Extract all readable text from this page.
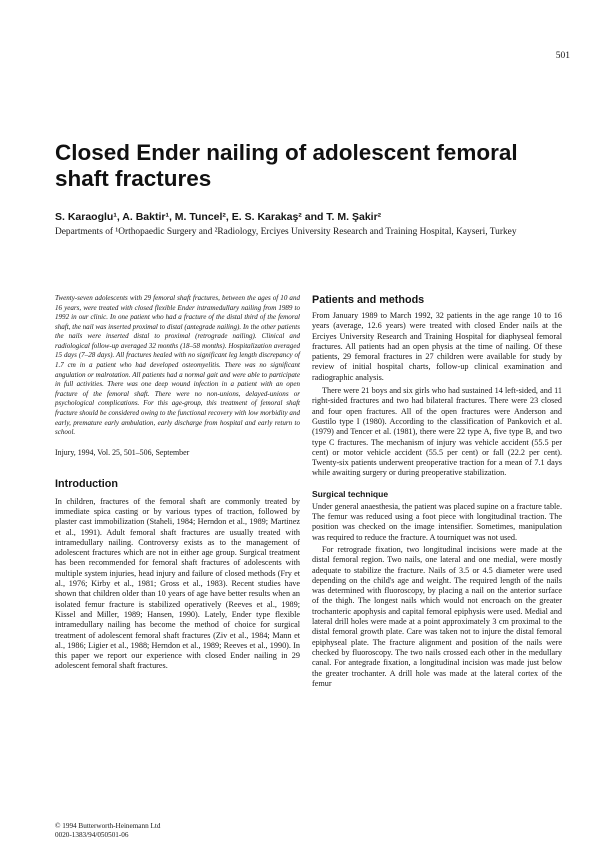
501
Closed Ender nailing of adolescent femoral shaft fractures
S. Karaoglu¹, A. Baktir¹, M. Tuncel², E. S. Karakaş² and T. M. Şakir²
Departments of ¹Orthopaedic Surgery and ²Radiology, Erciyes University Research and Training Hospital, Kayseri, Turkey

Twenty-seven adolescents with 29 femoral shaft fractures, between the ages of 10 and 16 years, were treated with closed flexible Ender intramedullary nailing from 1989 to 1992 in our clinic. In one patient who had a fracture of the distal third of the femoral shaft, the nail was inserted proximal to distal (antegrade nailing). In the other patients the nails were inserted distal to proximal (retrograde nailing). Clinical and radiological follow-up averaged 32 months (18–58 months). Hospitalization averaged 15 days (7–28 days). All fractures healed with no significant leg length discrepancy of 1.7 cm in a patient who had developed osteomyelitis. There was no significant angulation or malrotation. All patients had a normal gait and were able to participate in full activities. There was one deep wound infection in a patient with an open fracture of the femoral shaft. There were no non-unions, delayed-unions or psychological complications. For this age-group, this treatment of femoral shaft fracture should be considered owing to the functional recovery with low morbidity and early, premature early ambulation, early discharge from hospital and early return to school.

Injury, 1994, Vol. 25, 501–506, September

Introduction

In children, fractures of the femoral shaft are commonly treated by immediate spica casting or by various types of traction, followed by plaster cast immobilization (Staheli, 1984; Herndon et al., 1989; Martinez et al., 1991). Adult femoral shaft fractures are usually treated with intramedullary nailing. Controversy exists as to the management of adolescent fractures which are not in either age group. Surgical treatment has been recommended for femoral shaft fractures of adolescents with multiple system injuries, head injury and failure of closed methods (Fry et al., 1976; Kirby et al., 1981; Gross et al., 1983). Recent studies have shown that children older than 10 years of age have better results when an isolated femur fracture is stabilized operatively (Reeves et al., 1989; Kissel and Miller, 1989; Hansen, 1990). Lately, Ender type flexible intramedullary nailing has become the method of choice for surgical treatment of adolescent femoral shaft fractures (Ziv et al., 1984; Mann et al., 1986; Ligier et al., 1988; Herndon et al., 1989; Reeves et al., 1990). In this paper we report our experience with closed Ender nailing in 29 adolescent femoral shaft fractures.

Patients and methods

From January 1989 to March 1992, 32 patients in the age range 10 to 16 years (average, 12.6 years) were treated with closed Ender nails at the Erciyes University Research and Training Hospital for diaphyseal femoral fractures. All patients had an open physis at the time of nailing. Of these patients, 29 femoral fractures in 27 children were available for study by review of initial hospital charts, follow-up clinical examination and radiographic analysis.

There were 21 boys and six girls who had sustained 14 left-sided, and 11 right-sided fractures and two had bilateral fractures. There were 23 closed and four open fractures. All of the open fractures were Anderson and Gustilo type I (1980). According to the classification of Pankovich et al. (1979) and Tencer et al. (1981), there were 22 type A, five type B, and two type C fractures. The mechanism of injury was vehicle accident (55.5 per cent) or motor vehicle accident (55.5 per cent) or fall (22.2 per cent). Twenty-six patients underwent preoperative traction for a mean of 7.1 days while awaiting surgery or during preoperative stabilization.

Surgical technique

Under general anaesthesia, the patient was placed supine on a fracture table. The femur was reduced using a foot piece with longitudinal traction. The position was checked on the image intensifier. Sometimes, manipulation was required to reduce the fracture. A tourniquet was not used.

For retrograde fixation, two longitudinal incisions were made at the distal femoral region. Two nails, one lateral and one medial, were mostly adequate to stabilize the fracture. Nails of 3.5 or 4.5 diameter were used depending on the child's age and weight. The required length of the nails was determined with fluoroscopy, by placing a nail on the anterior surface of the thigh. The longest nails which would not encroach on the greater trochanteric apophysis and capital femoral epiphysis were used. Medial and lateral drill holes were made at a point approximately 3 cm proximal to the distal femoral growth plate. Care was taken not to injure the distal femoral epiphyseal plate. The fracture alignment and position of the nails were checked by fluoroscopy. The two nails crossed each other in the medullary canal. For antegrade fixation, a longitudinal incision was made just below the greater trochanter. A drill hole was made at the lateral cortex of the femur

© 1994 Butterworth-Heinemann Ltd
0020-1383/94/050501-06
